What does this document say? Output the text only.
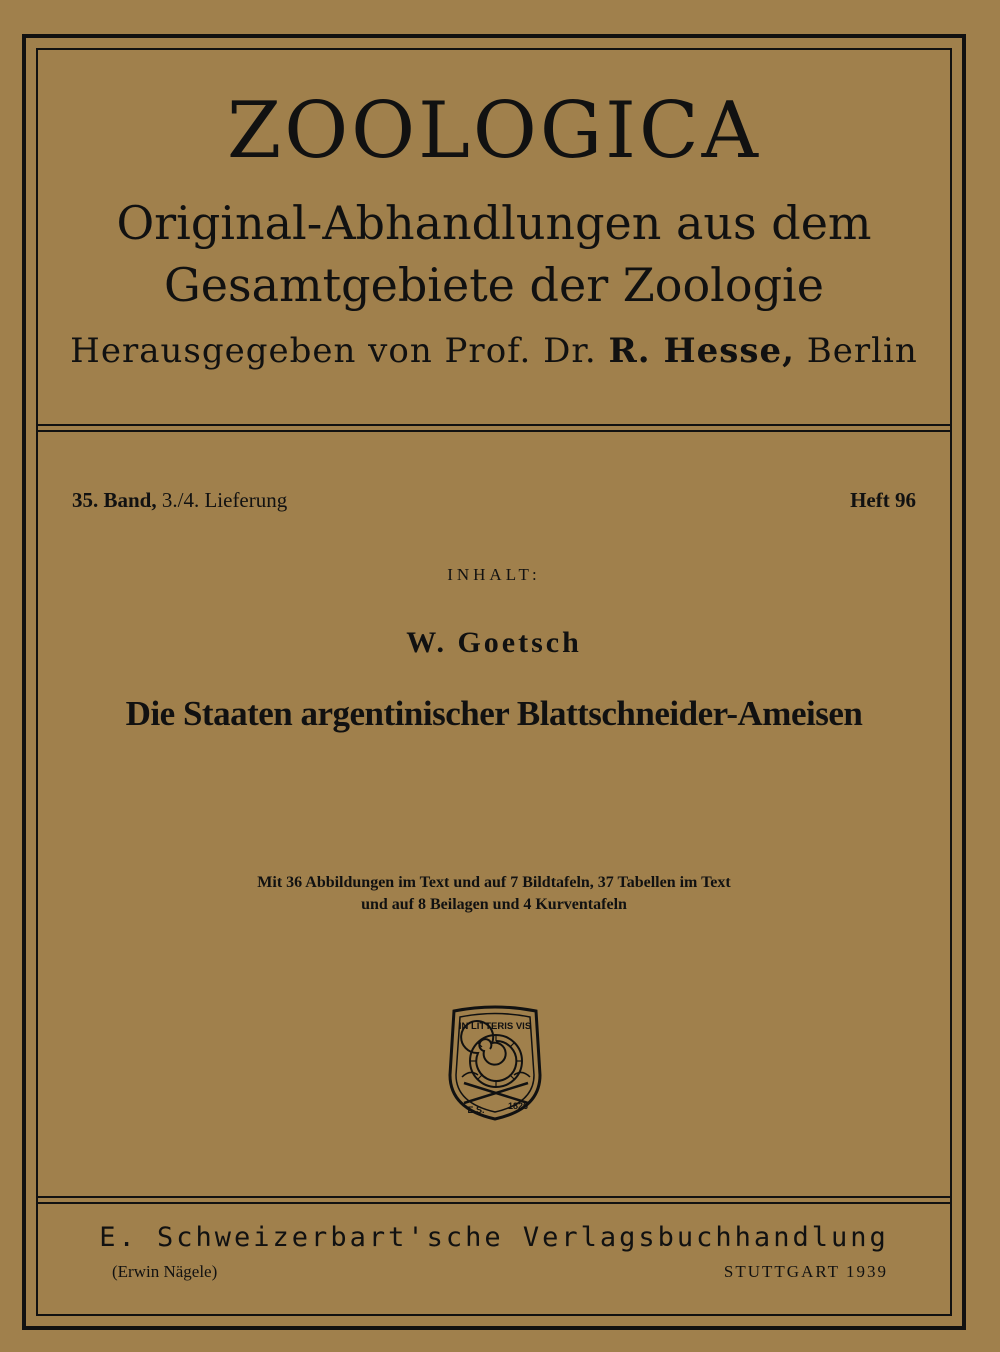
ZOOLOGICA
Original-Abhandlungen aus dem
Gesamtgebiete der Zoologie
Herausgegeben von Prof. Dr. R. Hesse, Berlin
35. Band, 3./4. Lieferung	Heft 96
INHALT:
W. Goetsch
Die Staaten argentinischer Blattschneider-Ameisen
Mit 36 Abbildungen im Text und auf 7 Bildtafeln, 37 Tabellen im Text
und auf 8 Beilagen und 4 Kurventafeln
IN LITTERIS VIS
E.S.	1826
E. Schweizerbart'sche Verlagsbuchhandlung
(Erwin Nägele)	STUTTGART 1939
